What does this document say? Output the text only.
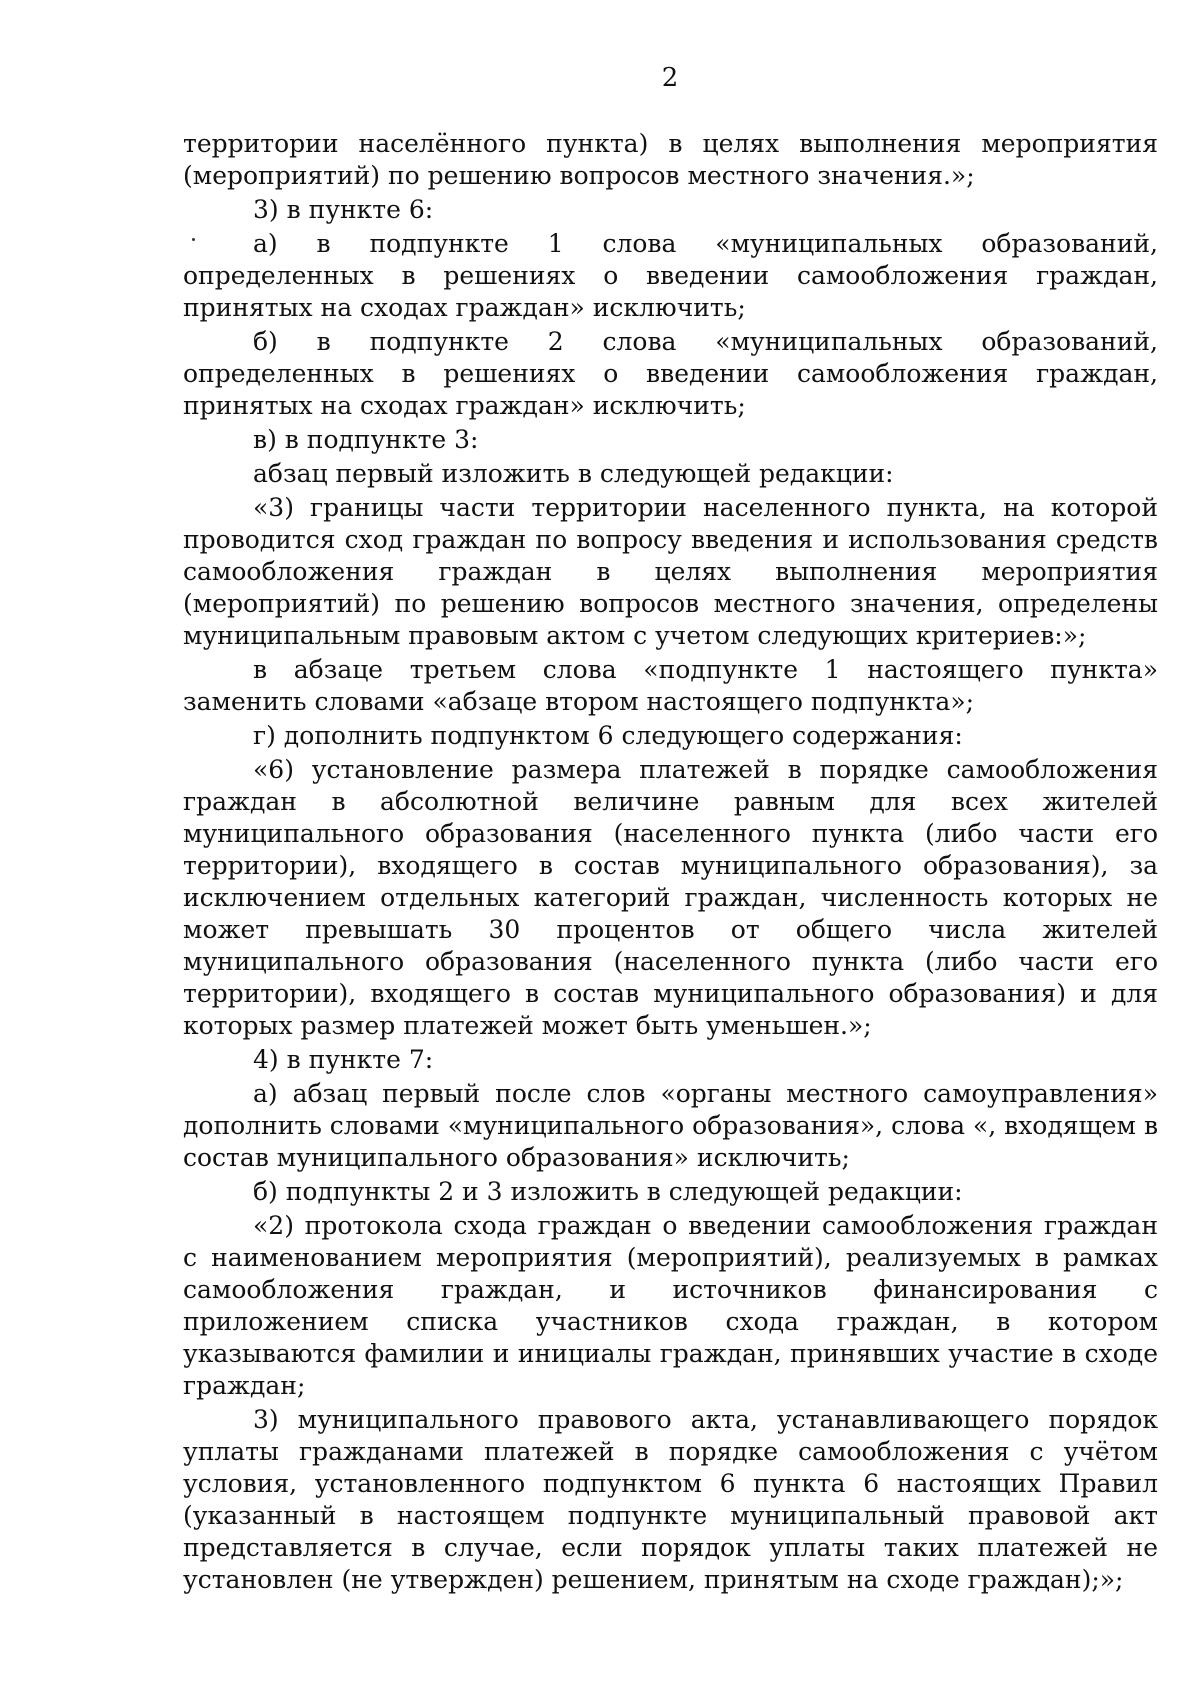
2

территории населённого пункта) в целях выполнения мероприятия (мероприятий) по решению вопросов местного значения.»;

3) в пункте 6:

а) в подпункте 1 слова «муниципальных образований, определенных в решениях о введении самообложения граждан, принятых на сходах граждан» исключить;

б) в подпункте 2 слова «муниципальных образований, определенных в решениях о введении самообложения граждан, принятых на сходах граждан» исключить;

в) в подпункте 3:

абзац первый изложить в следующей редакции:

«3) границы части территории населенного пункта, на которой проводится сход граждан по вопросу введения и использования средств самообложения граждан в целях выполнения мероприятия (мероприятий) по решению вопросов местного значения, определены муниципальным правовым актом с учетом следующих критериев:»;

в абзаце третьем слова «подпункте 1 настоящего пункта» заменить словами «абзаце втором настоящего подпункта»;

г) дополнить подпунктом 6 следующего содержания:

«6) установление размера платежей в порядке самообложения граждан в абсолютной величине равным для всех жителей муниципального образования (населенного пункта (либо части его территории), входящего в состав муниципального образования), за исключением отдельных категорий граждан, численность которых не может превышать 30 процентов от общего числа жителей муниципального образования (населенного пункта (либо части его территории), входящего в состав муниципального образования) и для которых размер платежей может быть уменьшен.»;

4) в пункте 7:

а) абзац первый после слов «органы местного самоуправления» дополнить словами «муниципального образования», слова «, входящем в состав муниципального образования» исключить;

б) подпункты 2 и 3 изложить в следующей редакции:

«2) протокола схода граждан о введении самообложения граждан с наименованием мероприятия (мероприятий), реализуемых в рамках самообложения граждан, и источников финансирования с приложением списка участников схода граждан, в котором указываются фамилии и инициалы граждан, принявших участие в сходе граждан;

3) муниципального правового акта, устанавливающего порядок уплаты гражданами платежей в порядке самообложения с учётом условия, установленного подпунктом 6 пункта 6 настоящих Правил (указанный в настоящем подпункте муниципальный правовой акт представляется в случае, если порядок уплаты таких платежей не установлен (не утвержден) решением, принятым на сходе граждан);»;
